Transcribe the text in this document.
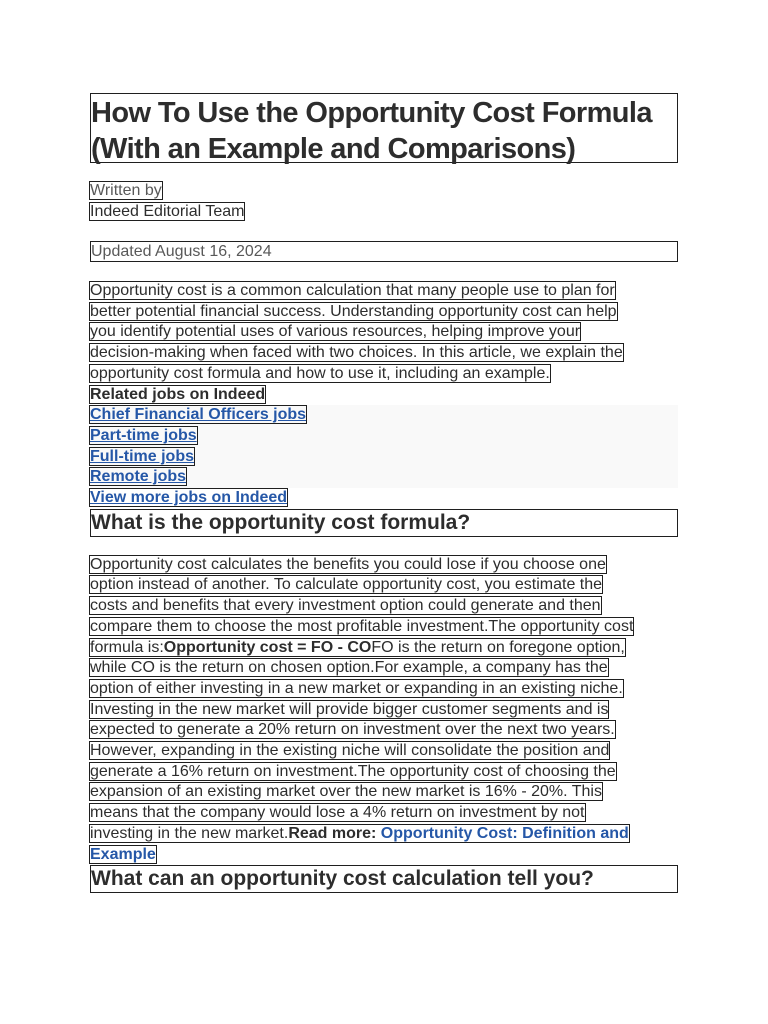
How To Use the Opportunity Cost Formula
(With an Example and Comparisons)
Written by
Indeed Editorial Team
Updated August 16, 2024
Opportunity cost is a common calculation that many people use to plan for
better potential financial success. Understanding opportunity cost can help
you identify potential uses of various resources, helping improve your
decision-making when faced with two choices. In this article, we explain the
opportunity cost formula and how to use it, including an example.
Related jobs on Indeed
Chief Financial Officers jobs
Part-time jobs
Full-time jobs
Remote jobs
View more jobs on Indeed
What is the opportunity cost formula?
Opportunity cost calculates the benefits you could lose if you choose one
option instead of another. To calculate opportunity cost, you estimate the
costs and benefits that every investment option could generate and then
compare them to choose the most profitable investment.The opportunity cost
formula is:Opportunity cost = FO - COFO is the return on foregone option,
while CO is the return on chosen option.For example, a company has the
option of either investing in a new market or expanding in an existing niche.
Investing in the new market will provide bigger customer segments and is
expected to generate a 20% return on investment over the next two years.
However, expanding in the existing niche will consolidate the position and
generate a 16% return on investment.The opportunity cost of choosing the
expansion of an existing market over the new market is 16% - 20%. This
means that the company would lose a 4% return on investment by not
investing in the new market.Read more: Opportunity Cost: Definition and
Example
What can an opportunity cost calculation tell you?
